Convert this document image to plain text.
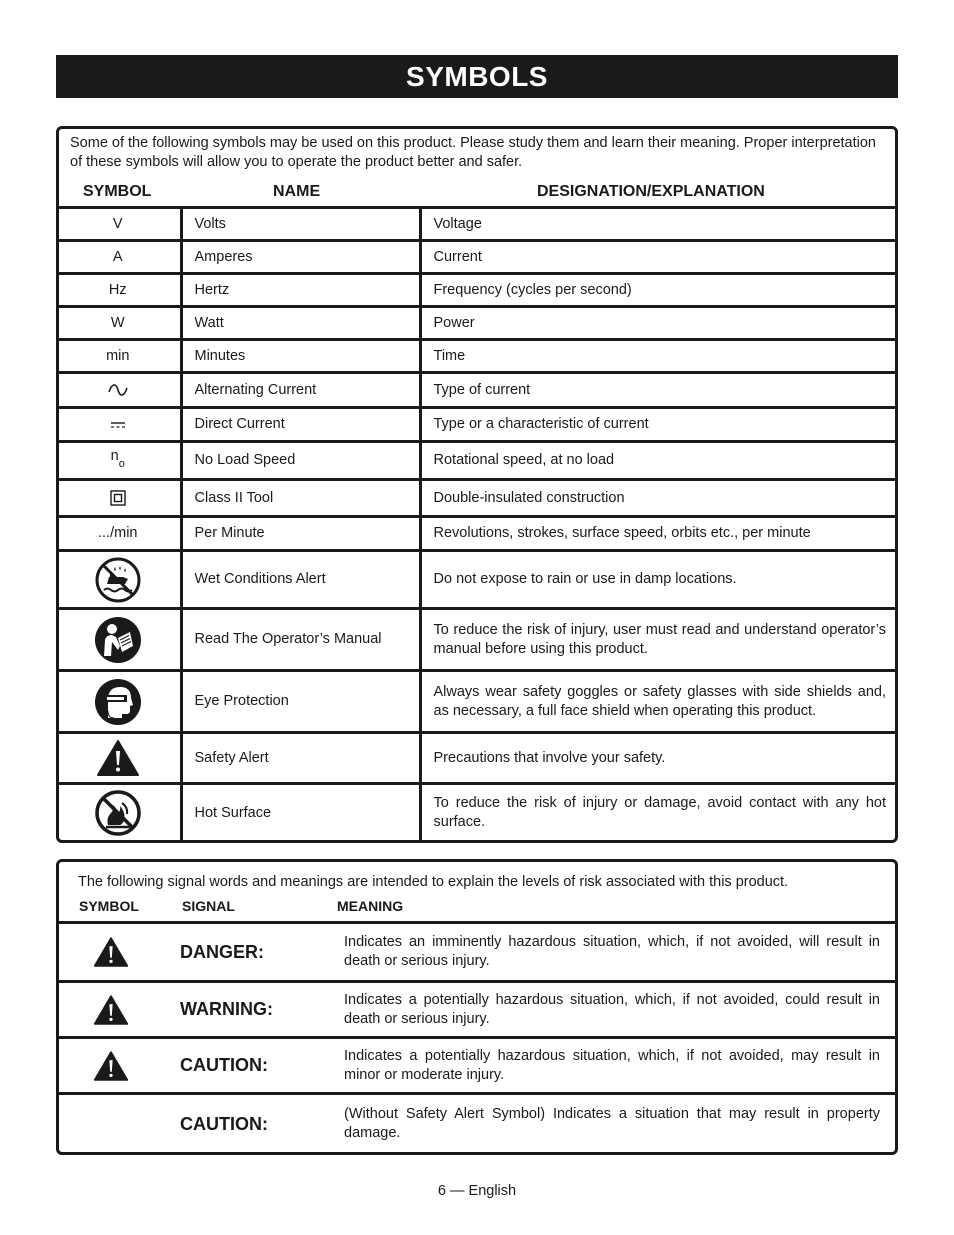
SYMBOLS
Some of the following symbols may be used on this product. Please study them and learn their meaning. Proper interpretation of these symbols will allow you to operate the product better and safer.
SYMBOL	NAME	DESIGNATION/EXPLANATION
V	Volts	Voltage
A	Amperes	Current
Hz	Hertz	Frequency (cycles per second)
W	Watt	Power
min	Minutes	Time

	Alternating Current	Type of current

	Direct Current	Type or a characteristic of current
$n_o$	No Load Speed	Rotational speed, at no load

	Class II Tool	Double-insulated construction
.../min	Per Minute	Revolutions, strokes, surface speed, orbits etc., per minute

	Wet Conditions Alert	Do not expose to rain or use in damp locations.

	Read The Operator’s Manual	To reduce the risk of injury, user must read and understand operator’s manual before using this product.

	Eye Protection	Always wear safety goggles or safety glasses with side shields and, as necessary, a full face shield when operating this product.

	Safety Alert	Precautions that involve your safety.

	Hot Surface	To reduce the risk of injury or damage, avoid contact with any hot surface.
The following signal words and meanings are intended to explain the levels of risk associated with this product.
SYMBOL	SIGNAL	MEANING
	DANGER:	Indicates an imminently hazardous situation, which, if not avoided, will result in death or serious injury.

	WARNING:	Indicates a potentially hazardous situation, which, if not avoided, could result in death or serious injury.

	CAUTION:	Indicates a potentially hazardous situation, which, if not avoided, may result in minor or moderate injury.
	CAUTION:	(Without Safety Alert Symbol) Indicates a situation that may result in property damage.
6 — English
